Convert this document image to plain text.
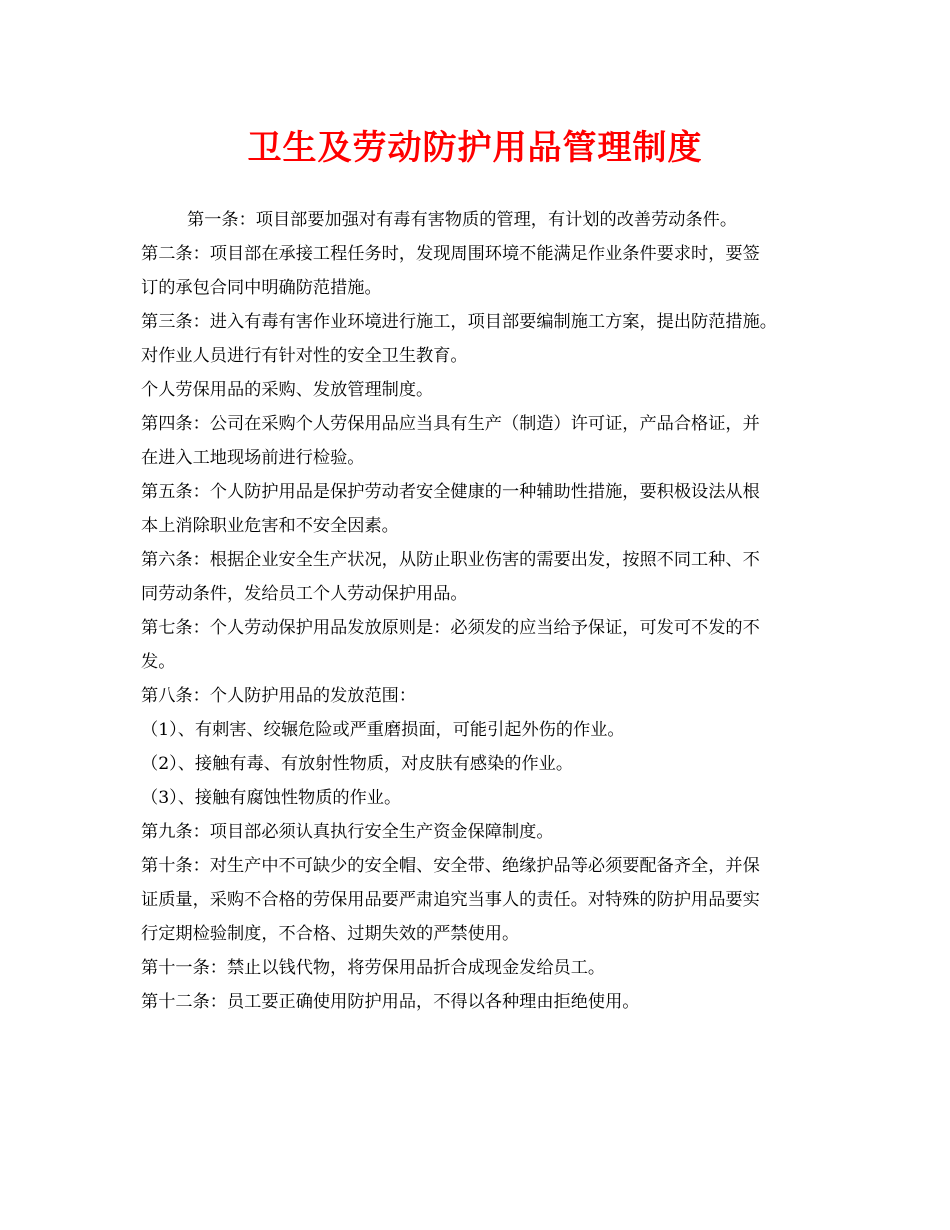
卫生及劳动防护用品管理制度
第一条：项目部要加强对有毒有害物质的管理，有计划的改善劳动条件。
第二条：项目部在承接工程任务时，发现周围环境不能满足作业条件要求时，要签
订的承包合同中明确防范措施。
第三条：进入有毒有害作业环境进行施工，项目部要编制施工方案，提出防范措施。
对作业人员进行有针对性的安全卫生教育。
个人劳保用品的采购、发放管理制度。
第四条：公司在采购个人劳保用品应当具有生产（制造）许可证，产品合格证，并
在进入工地现场前进行检验。
第五条：个人防护用品是保护劳动者安全健康的一种辅助性措施，要积极设法从根
本上消除职业危害和不安全因素。
第六条：根据企业安全生产状况，从防止职业伤害的需要出发，按照不同工种、不
同劳动条件，发给员工个人劳动保护用品。
第七条：个人劳动保护用品发放原则是：必须发的应当给予保证，可发可不发的不
发。
第八条：个人防护用品的发放范围：
（1）、有刺害、绞辗危险或严重磨损面，可能引起外伤的作业。
（2）、接触有毒、有放射性物质，对皮肤有感染的作业。
（3）、接触有腐蚀性物质的作业。
第九条：项目部必须认真执行安全生产资金保障制度。
第十条：对生产中不可缺少的安全帽、安全带、绝缘护品等必须要配备齐全，并保
证质量，采购不合格的劳保用品要严肃追究当事人的责任。对特殊的防护用品要实
行定期检验制度，不合格、过期失效的严禁使用。
第十一条：禁止以钱代物，将劳保用品折合成现金发给员工。
第十二条：员工要正确使用防护用品，不得以各种理由拒绝使用。
